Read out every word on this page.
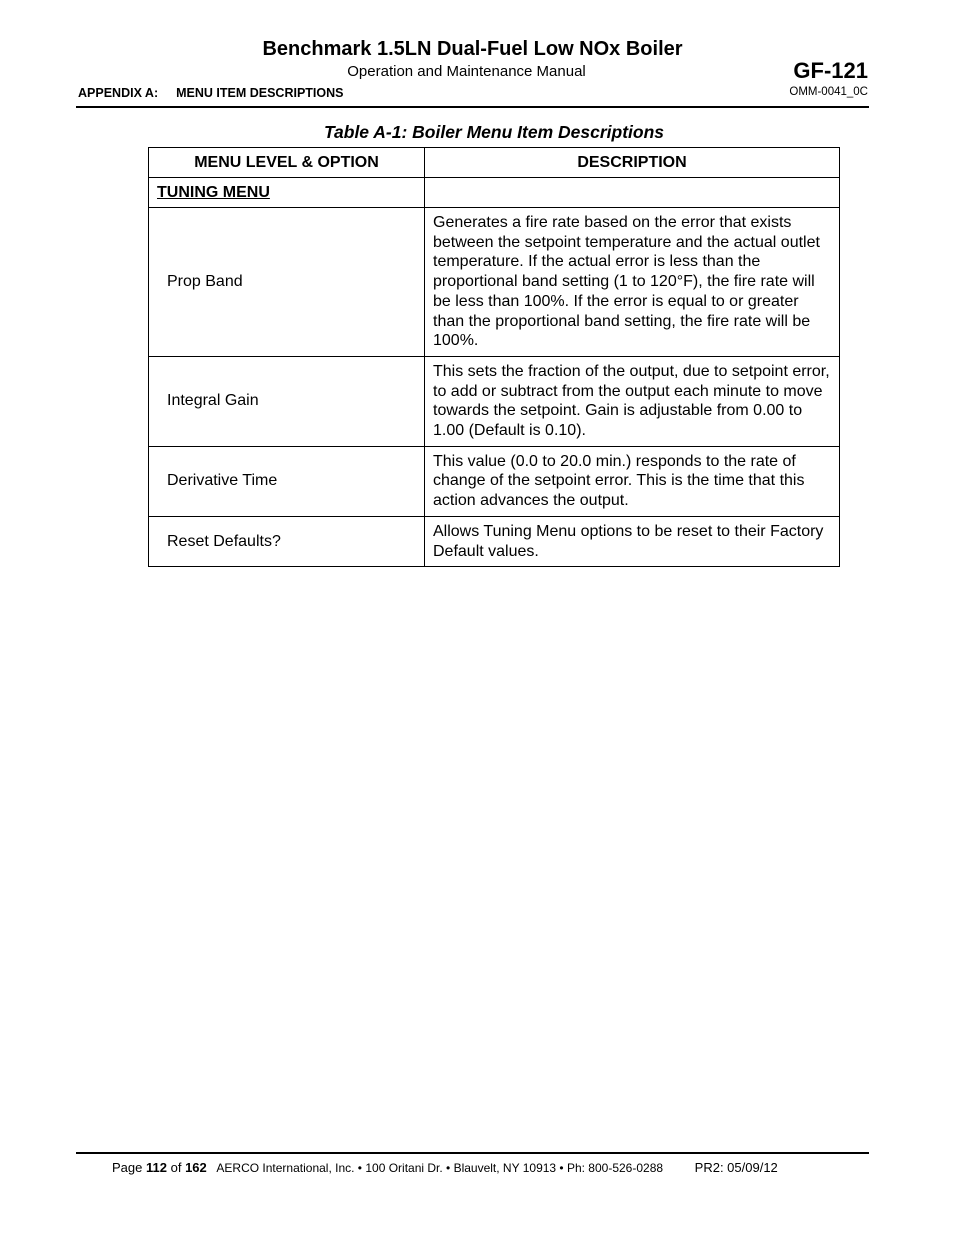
Benchmark 1.5LN Dual-Fuel Low NOx Boiler
Operation and Maintenance Manual	GF-121
APPENDIX A: MENU ITEM DESCRIPTIONS	OMM-0041_0C
Table A-1: Boiler Menu Item Descriptions
MENU LEVEL & OPTION	DESCRIPTION
TUNING MENU	
Prop Band	Generates a fire rate based on the error that exists between the setpoint temperature and the actual outlet temperature. If the actual error is less than the proportional band setting (1 to 120°F), the fire rate will be less than 100%. If the error is equal to or greater than the proportional band setting, the fire rate will be 100%.
Integral Gain	This sets the fraction of the output, due to setpoint error, to add or subtract from the output each minute to move towards the setpoint. Gain is adjustable from 0.00 to 1.00 (Default is 0.10).
Derivative Time	This value (0.0 to 20.0 min.) responds to the rate of change of the setpoint error. This is the time that this action advances the output.
Reset Defaults?	Allows Tuning Menu options to be reset to their Factory Default values.
Page 112 of 162 AERCO International, Inc. • 100 Oritani Dr. • Blauvelt, NY 10913 • Ph: 800-526-0288 PR2: 05/09/12
